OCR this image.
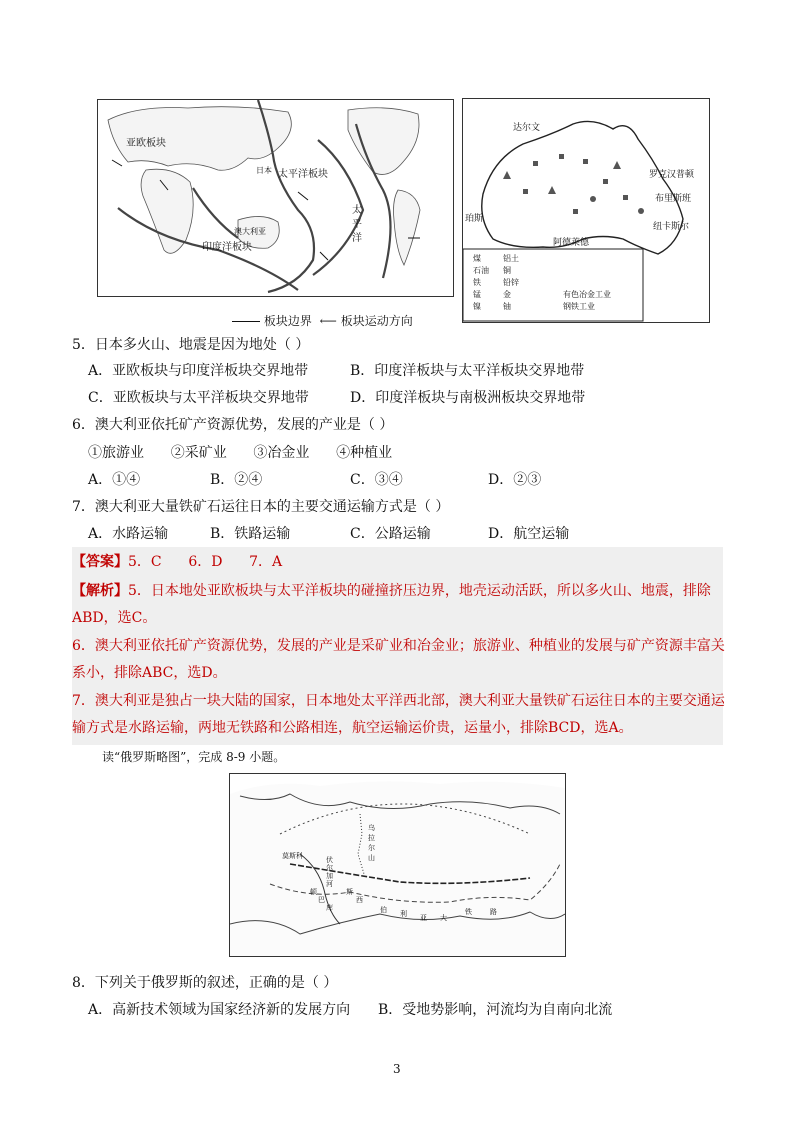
亚欧板块
太平洋板块
日本
澳大利亚
印度洋板块
太
平
洋
板块边界 ⟵ 板块运动方向
达尔文
罗克汉普顿
布里斯班
纽卡斯尔
珀斯
阿德莱德
煤	铝土
石油 铜
铁	铅锌
锰	金
镍	铀
有色冶金工业
钢铁工业
5．日本多火山、地震是因为地处（ ）
A．亚欧板块与印度洋板块交界地带	B．印度洋板块与太平洋板块交界地带
C．亚欧板块与太平洋板块交界地带	D．印度洋板块与南极洲板块交界地带
6．澳大利亚依托矿产资源优势，发展的产业是（ ）
①旅游业      ②采矿业      ③冶金业      ④种植业
A．①④	B．②④	C．③④	D．②③
7．澳大利亚大量铁矿石运往日本的主要交通运输方式是（ ）
A．水路运输	B．铁路运输	C．公路运输	D．航空运输
【答案】5．C      6．D      7．A
【解析】5．日本地处亚欧板块与太平洋板块的碰撞挤压边界，地壳运动活跃，所以多火山、地震，排除
ABD，选C。
6．澳大利亚依托矿产资源优势，发展的产业是采矿业和冶金业；旅游业、种植业的发展与矿产资源丰富关
系小，排除ABC，选D。
7．澳大利亚是独占一块大陆的国家，日本地处太平洋西北部，澳大利亚大量铁矿石运往日本的主要交通运
输方式是水路运输，两地无铁路和公路相连，航空运输运价贵，运量小，排除BCD，选A。
读“俄罗斯略图”，完成 8-9 小题。
莫斯科	伏
尔
加
河
顿
巴
库
斯
西
伯 利 亚 大
铁	路
乌
拉
尔
山
8．下列关于俄罗斯的叙述，正确的是（ ）
A．高新技术领域为国家经济新的发展方向 B．受地势影响，河流均为自南向北流
3
